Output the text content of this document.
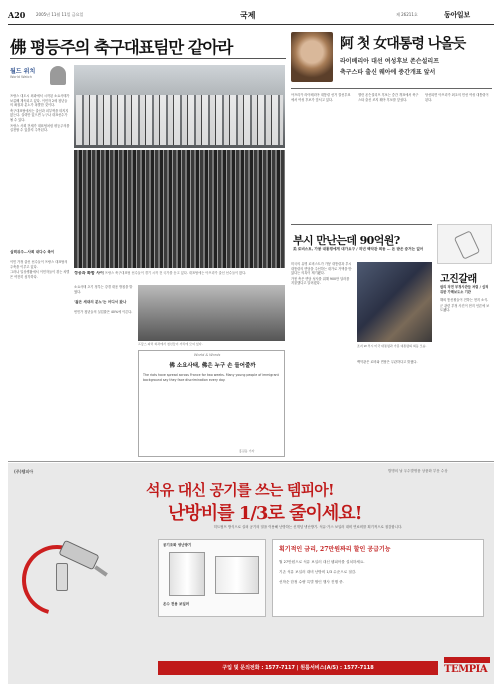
A20	2005년 11월 11일 금요일	국제	제 26211호	동아일보
佛 평등주의 축구대표팀만 같아라
월드 위치
World Watch

프랑스 대도시 외곽에서 시작된 소요사태가 보름째 계속되고 있다. 이민자 2세 청년들의 좌절과 분노가 폭발한 것이다.

축구대표팀에서는 출신과 피부색을 따지지 않는다. 실력만 있으면 누구나 대표선수가 될 수 있다.

프랑스 사회 전체가 대표팀처럼 평등주의를 실천할 수 있을지 주목된다.

실력위주…사회 대다수 축이

이민 가정 출신 선수들이 프랑스 대표팀의 주축을 이루고 있다.

그러나 일상생활에서 이민자들이 겪는 차별은 여전히 심각하다.

정공과 화합 사이 프랑스 축구대표팀 선수들이 경기 시작 전 국가를 듣고 있다. 대표팀에는 아프리카 출신 선수들이 많다.

소요사태 초기 정부는 강경 대응 방침을 밝혔다.

'젊은 세대의 분노'는 어디서 왔나

빈민가 청년들의 실업률은 40%에 이른다.

프랑스 파리 외곽에서 청년들이 거리에 모여 있다.
World & Words
佛 소요사태, 佛은 누구 손 들어줄까
The riots have spread across France for two weeks. Many young people of immigrant background say they face discrimination every day.
홍길동 기자
阿 첫 女대통령 나올듯
라이베리아 대선 여성후보 존슨설리프
축구스타 출신 웨아에 중간개표 앞서

아프리카 라이베리아 대통령 선거 결선투표에서 여성 후보가 앞서고 있다.

엘런 존슨설리프 후보는 중간 개표에서 축구스타 출신 조지 웨아 후보를 앞섰다.

당선되면 아프리카 최초의 민선 여성 대통령이 된다.

부시 만난는데 90억원?
美 로비스트, 가봉 대통령에게 대가요구 / 작년 백악관 회동 … 돈 받은 증거는 없어

미국의 유명 로비스트가 가봉 대통령과 부시 대통령의 면담을 주선하는 대가로 거액을 받았다는 의혹이 제기됐다.

가봉 측은 면담 성사를 위해 900만 달러를 지불했다고 알려졌다.

조지 W 부시 미국 대통령과 가봉 대통령의 회동 모습.

백악관은 로비와 면담은 무관하다고 밝혔다.

고진갈래
필리 작전 부정사관들 처럼 / 실적 위한 가해보도소 기관

해외 통신원들이 전하는 현지 소식.

군 관련 부정 사건이 현지 언론에 보도됐다.

(주)템피아	발명의 날 우수발명품 상품화 부문 수상
석유 대신 공기를 쓰는 템피아!
난방비를 1/3로 줄이세요!
히트펌프 방식으로 실외 공기의 열을 이용해 난방하는 신개념 냉난방기. 석유·가스 보일러 대비 연료비를 획기적으로 절감합니다.
공기조화 냉난방기
온수 전용 보일러
획기적인 금리, 27만원짜리 할인 공급기능
월 27만원으로 석유 보일러 대신 템피아를 설치하세요.
기존 석유 보일러 대비 난방비 1/3 수준으로 절감.
선착순 한정 수량 특별 할인 행사 진행 중.
구입 및 문의전화 : 1577-7117 | 원룸서비스(A/S) : 1577-7118	TEMPIA
